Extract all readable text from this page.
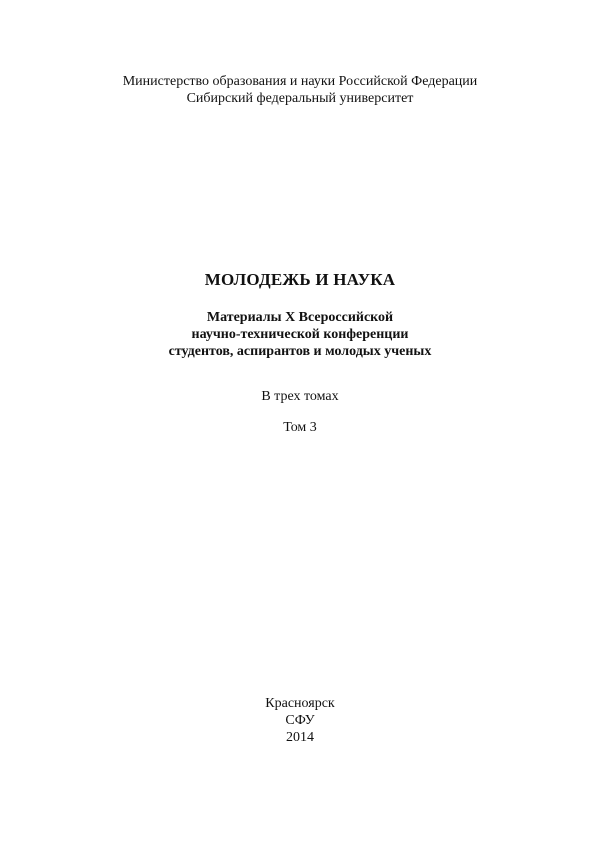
Министерство образования и науки Российской Федерации
Сибирский федеральный университет
МОЛОДЕЖЬ И НАУКА
Материалы X Всероссийской
научно-технической конференции
студентов, аспирантов и молодых ученых
В трех томах
Том 3
Красноярск
СФУ
2014
